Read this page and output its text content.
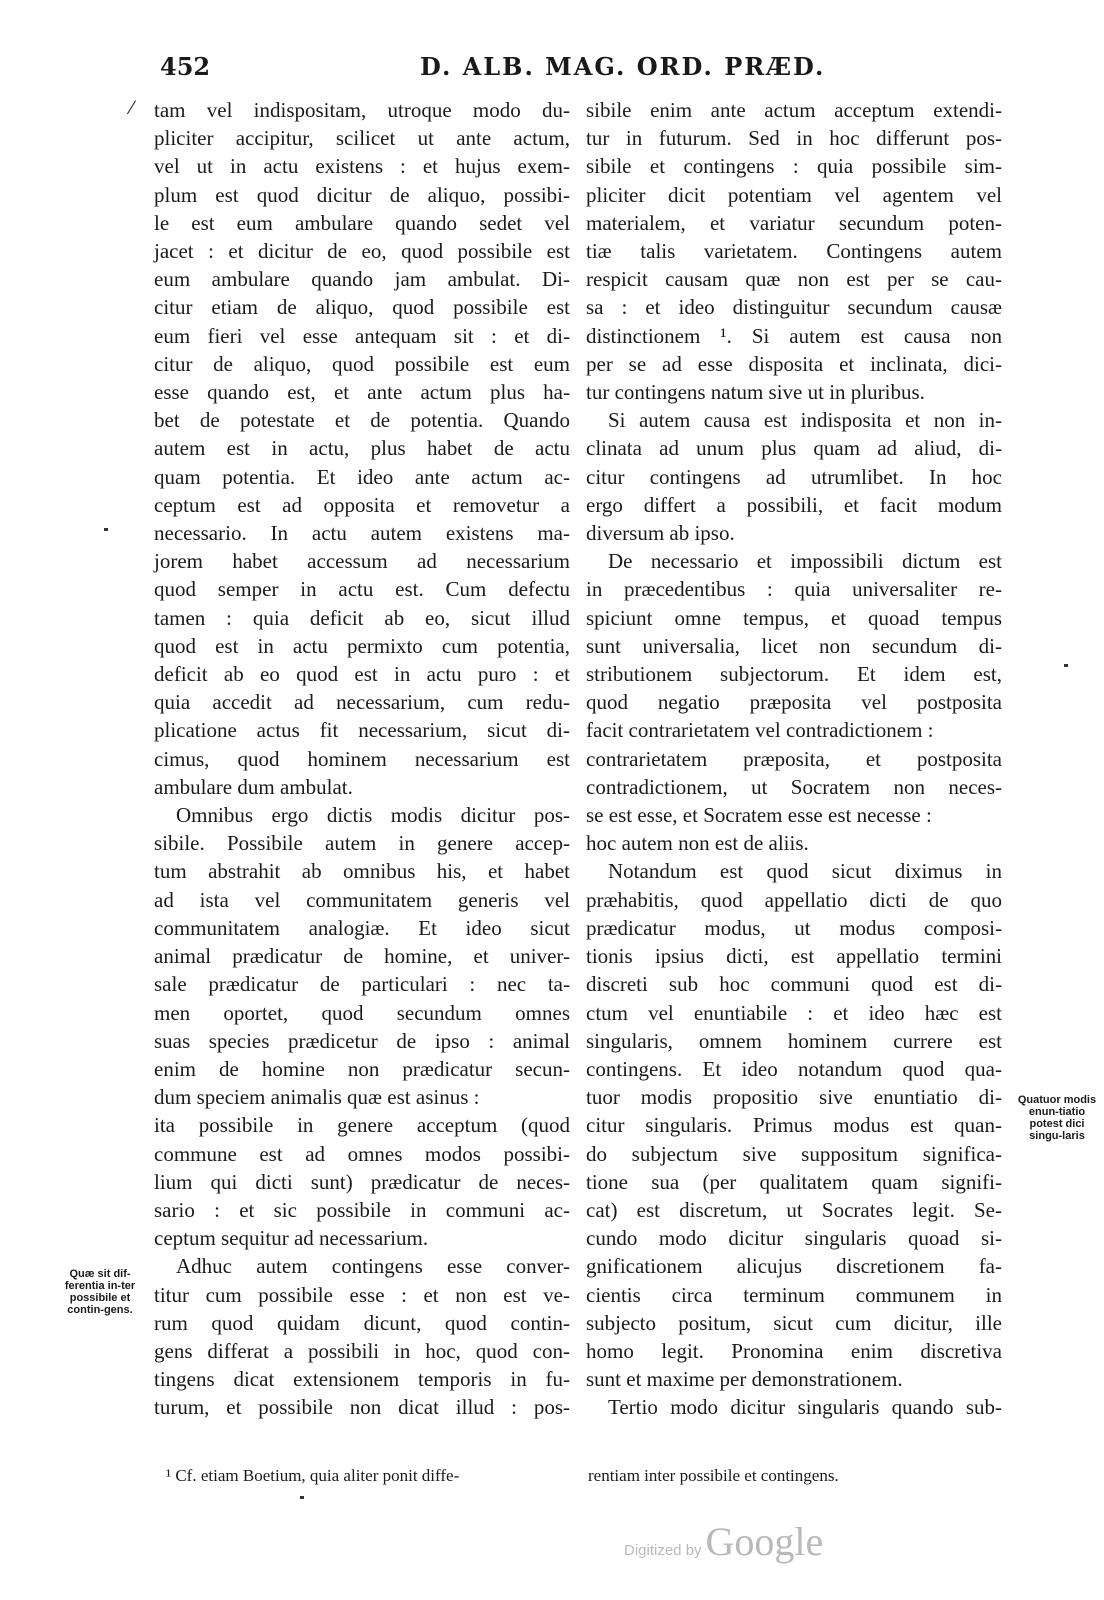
452	D. ALB. MAG. ORD. PRÆD.
⁄ tam vel indispositam, utroque modo du-
pliciter accipitur, scilicet ut ante actum,
vel ut in actu existens : et hujus exem-
plum est quod dicitur de aliquo, possibi-
le est eum ambulare quando sedet vel
jacet : et dicitur de eo, quod possibile est
eum ambulare quando jam ambulat. Di-
citur etiam de aliquo, quod possibile est
eum fieri vel esse antequam sit : et di-
citur de aliquo, quod possibile est eum
esse quando est, et ante actum plus ha-
bet de potestate et de potentia. Quando
autem est in actu, plus habet de actu
quam potentia. Et ideo ante actum ac-
ceptum est ad opposita et removetur a
necessario. In actu autem existens ma-
jorem habet accessum ad necessarium
quod semper in actu est. Cum defectu
tamen : quia deficit ab eo, sicut illud
quod est in actu permixto cum potentia,
deficit ab eo quod est in actu puro : et
quia accedit ad necessarium, cum redu-
plicatione actus fit necessarium, sicut di-
cimus, quod hominem necessarium est
ambulare dum ambulat.
Omnibus ergo dictis modis dicitur pos-
sibile. Possibile autem in genere accep-
tum abstrahit ab omnibus his, et habet
ad ista vel communitatem generis vel
communitatem analogiæ. Et ideo sicut
animal prædicatur de homine, et univer-
sale prædicatur de particulari : nec ta-
men oportet, quod secundum omnes
suas species prædicetur de ipso : animal
enim de homine non prædicatur secun-
dum speciem animalis quæ est asinus :
ita possibile in genere acceptum (quod
commune est ad omnes modos possibi-
lium qui dicti sunt) prædicatur de neces-
sario : et sic possibile in communi ac-
ceptum sequitur ad necessarium.
Adhuc autem contingens esse conver-
titur cum possibile esse : et non est ve-
rum quod quidam dicunt, quod contin-
gens differat a possibili in hoc, quod con-
tingens dicat extensionem temporis in fu-
turum, et possibile non dicat illud : pos-
sibile enim ante actum acceptum extendi-
tur in futurum. Sed in hoc differunt pos-
sibile et contingens : quia possibile sim-
pliciter dicit potentiam vel agentem vel
materialem, et variatur secundum poten-
tiæ talis varietatem. Contingens autem
respicit causam quæ non est per se cau-
sa : et ideo distinguitur secundum causæ
distinctionem ¹. Si autem est causa non
per se ad esse disposita et inclinata, dici-
tur contingens natum sive ut in pluribus.
Si autem causa est indisposita et non in-
clinata ad unum plus quam ad aliud, di-
citur contingens ad utrumlibet. In hoc
ergo differt a possibili, et facit modum
diversum ab ipso.
De necessario et impossibili dictum est
in præcedentibus : quia universaliter re-
spiciunt omne tempus, et quoad tempus
sunt universalia, licet non secundum di-
stributionem subjectorum. Et idem est,
quod negatio præposita vel postposita
facit contrarietatem vel contradictionem :
contrarietatem præposita, et postposita
contradictionem, ut Socratem non neces-
se est esse, et Socratem esse est necesse :
hoc autem non est de aliis.
Notandum est quod sicut diximus in
præhabitis, quod appellatio dicti de quo
prædicatur modus, ut modus composi-
tionis ipsius dicti, est appellatio termini
discreti sub hoc communi quod est di-
ctum vel enuntiabile : et ideo hæc est
singularis, omnem hominem currere est
contingens. Et ideo notandum quod qua-
tuor modis propositio sive enuntiatio di-
citur singularis. Primus modus est quan-
do subjectum sive suppositum significa-
tione sua (per qualitatem quam signifi-
cat) est discretum, ut Socrates legit. Se-
cundo modo dicitur singularis quoad si-
gnificationem alicujus discretionem fa-
cientis circa terminum communem in
subjecto positum, sicut cum dicitur, ille
homo legit. Pronomina enim discretiva
sunt et maxime per demonstrationem.
Tertio modo dicitur singularis quando sub-
Quæ sit dif-ferentia in-ter possibile et contin-gens.
Quatuor modis enun-tiatio potest dici singu-laris
¹ Cf. etiam Boetium, quia aliter ponit diffe-	rentiam inter possibile et contingens.
Digitized by Google
